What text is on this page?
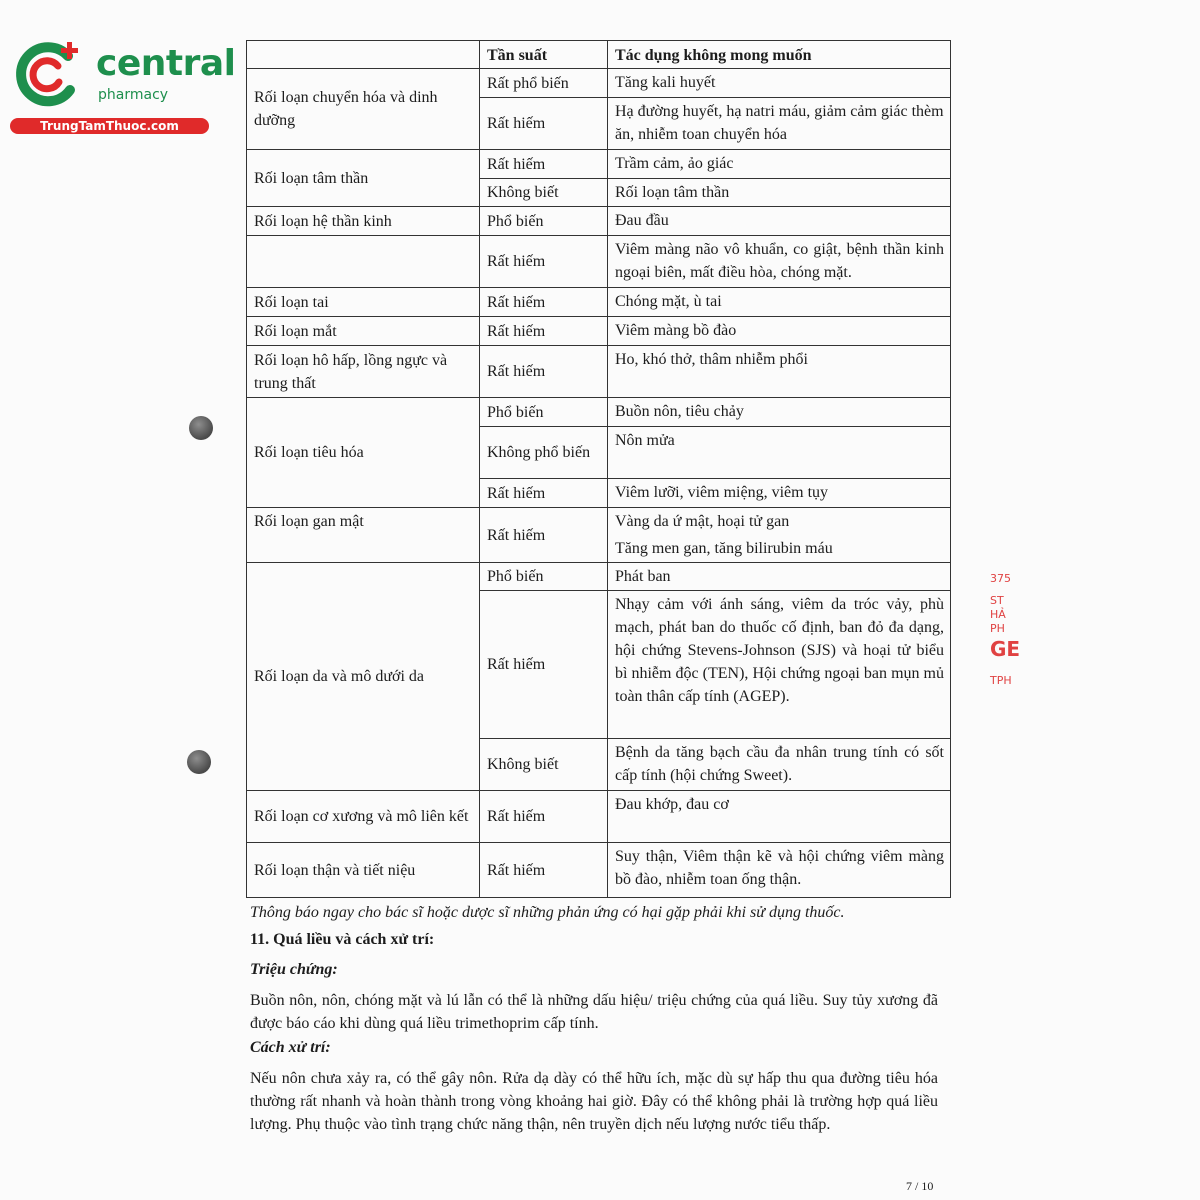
central
pharmacy
TrungTamThuoc.com
	Tần suất	Tác dụng không mong muốn
Rối loạn chuyển hóa và dinh dưỡng	Rất phổ biến	Tăng kali huyết

	Rất hiếm	Hạ đường huyết, hạ natri máu, giảm cảm giác thèm ăn, nhiễm toan chuyển hóa

Rối loạn tâm thần	Rất hiếm	Trầm cảm, ảo giác

	Không biết	Rối loạn tâm thần

Rối loạn hệ thần kinh	Phổ biến	Đau đầu

	Rất hiếm	Viêm màng não vô khuẩn, co giật, bệnh thần kinh ngoại biên, mất điều hòa, chóng mặt.

Rối loạn tai	Rất hiếm	Chóng mặt, ù tai

Rối loạn mắt	Rất hiếm	Viêm màng bồ đào

Rối loạn hô hấp, lồng ngực và trung thất	Rất hiếm	Ho, khó thở, thâm nhiễm phổi

Rối loạn tiêu hóa	Phổ biến	Buồn nôn, tiêu chảy

	Không phổ biến	Nôn mửa

	Rất hiếm	Viêm lưỡi, viêm miệng, viêm tụy

Rối loạn gan mật	Rất hiếm	Vàng da ứ mật, hoại tử gan

Tăng men gan, tăng bilirubin máu

Rối loạn da và mô dưới da	Phổ biến	Phát ban

	Rất hiếm	Nhạy cảm với ánh sáng, viêm da tróc vảy, phù mạch, phát ban do thuốc cố định, ban đỏ đa dạng, hội chứng Stevens-Johnson (SJS) và hoại tử biểu bì nhiễm độc (TEN), Hội chứng ngoại ban mụn mủ toàn thân cấp tính (AGEP).

	Không biết	Bệnh da tăng bạch cầu đa nhân trung tính có sốt cấp tính (hội chứng Sweet).

Rối loạn cơ xương và mô liên kết	Rất hiếm	Đau khớp, đau cơ

Rối loạn thận và tiết niệu	Rất hiếm	Suy thận, Viêm thận kẽ và hội chứng viêm màng bồ đào, nhiễm toan ống thận.

Thông báo ngay cho bác sĩ hoặc dược sĩ những phản ứng có hại gặp phải khi sử dụng thuốc.
11. Quá liều và cách xử trí:
Triệu chứng:

Buồn nôn, nôn, chóng mặt và lú lẫn có thể là những dấu hiệu/ triệu chứng của quá liều. Suy tủy xương đã được báo cáo khi dùng quá liều trimethoprim cấp tính.

Cách xử trí:

Nếu nôn chưa xảy ra, có thể gây nôn. Rửa dạ dày có thể hữu ích, mặc dù sự hấp thu qua đường tiêu hóa thường rất nhanh và hoàn thành trong vòng khoảng hai giờ. Đây có thể không phải là trường hợp quá liều lượng. Phụ thuộc vào tình trạng chức năng thận, nên truyền dịch nếu lượng nước tiểu thấp.

7 / 10
375
ST
HẢ
PH
GE
TPH
